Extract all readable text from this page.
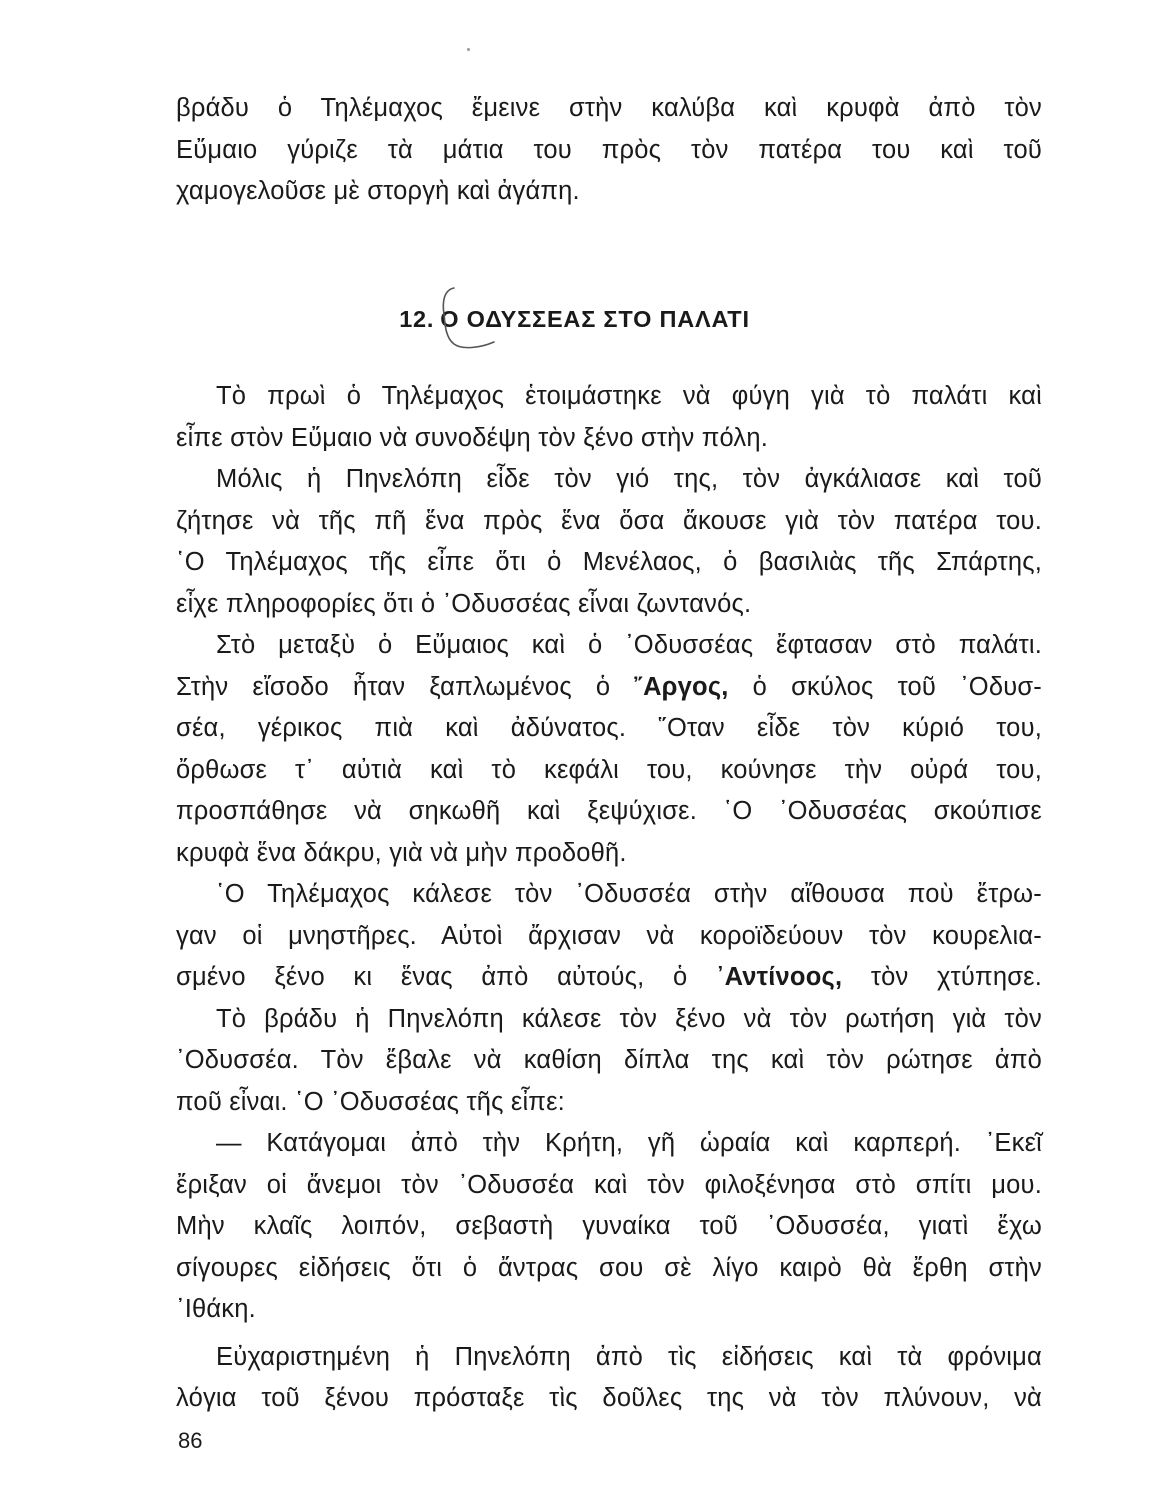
βράδυ ὁ Τηλέμαχος ἔμεινε στὴν καλύβα καὶ κρυφὰ ἀπὸ τὸν
Εὔμαιο γύριζε τὰ μάτια του πρὸς τὸν πατέρα του καὶ τοῦ
χαμογελοῦσε μὲ στοργὴ καὶ ἀγάπη.
12. Ο ΟΔΥΣΣΕΑΣ ΣΤΟ ΠΑΛΑΤΙ
Τὸ πρωὶ ὁ Τηλέμαχος ἑτοιμάστηκε νὰ φύγη γιὰ τὸ παλάτι καὶ
εἶπε στὸν Εὔμαιο νὰ συνοδέψη τὸν ξένο στὴν πόλη.
Μόλις ἡ Πηνελόπη εἶδε τὸν γιό της, τὸν ἀγκάλιασε καὶ τοῦ
ζήτησε νὰ τῆς πῆ ἕνα πρὸς ἕνα ὅσα ἄκουσε γιὰ τὸν πατέρα του.
῾Ο Τηλέμαχος τῆς εἶπε ὅτι ὁ Μενέλαος, ὁ βασιλιὰς τῆς Σπάρτης,
εἶχε πληροφορίες ὅτι ὁ ᾿Οδυσσέας εἶναι ζωντανός.
Στὸ μεταξὺ ὁ Εὔμαιος καὶ ὁ ᾿Οδυσσέας ἔφτασαν στὸ παλάτι.
Στὴν εἴσοδο ἦταν ξαπλωμένος ὁ ῎Αργος, ὁ σκύλος τοῦ ᾿Οδυσ-
σέα, γέρικος πιὰ καὶ ἀδύνατος. ῞Οταν εἶδε τὸν κύριό του,
ὄρθωσε τ᾿ αὐτιὰ καὶ τὸ κεφάλι του, κούνησε τὴν οὐρά του,
προσπάθησε νὰ σηκωθῆ καὶ ξεψύχισε. ῾Ο ᾿Οδυσσέας σκούπισε
κρυφὰ ἕνα δάκρυ, γιὰ νὰ μὴν προδοθῆ.
῾Ο Τηλέμαχος κάλεσε τὸν ᾿Οδυσσέα στὴν αἴθουσα ποὺ ἔτρω-
γαν οἱ μνηστῆρες. Αὐτοὶ ἄρχισαν νὰ κοροϊδεύουν τὸν κουρελια-
σμένο ξένο κι ἕνας ἀπὸ αὐτούς, ὁ ᾿Αντίνοος, τὸν χτύπησε.
Τὸ βράδυ ἡ Πηνελόπη κάλεσε τὸν ξένο νὰ τὸν ρωτήση γιὰ τὸν
᾿Οδυσσέα. Τὸν ἔβαλε νὰ καθίση δίπλα της καὶ τὸν ρώτησε ἀπὸ
ποῦ εἶναι. ῾Ο ᾿Οδυσσέας τῆς εἶπε:
— Κατάγομαι ἀπὸ τὴν Κρήτη, γῆ ὡραία καὶ καρπερή. ᾿Εκεῖ
ἔριξαν οἱ ἄνεμοι τὸν ᾿Οδυσσέα καὶ τὸν φιλοξένησα στὸ σπίτι μου.
Μὴν κλαῖς λοιπόν, σεβαστὴ γυναίκα τοῦ ᾿Οδυσσέα, γιατὶ ἔχω
σίγουρες εἰδήσεις ὅτι ὁ ἄντρας σου σὲ λίγο καιρὸ θὰ ἔρθη στὴν
᾿Ιθάκη.
Εὐχαριστημένη ἡ Πηνελόπη ἀπὸ τὶς εἰδήσεις καὶ τὰ φρόνιμα
λόγια τοῦ ξένου πρόσταξε τὶς δοῦλες της νὰ τὸν πλύνουν, νὰ
86
